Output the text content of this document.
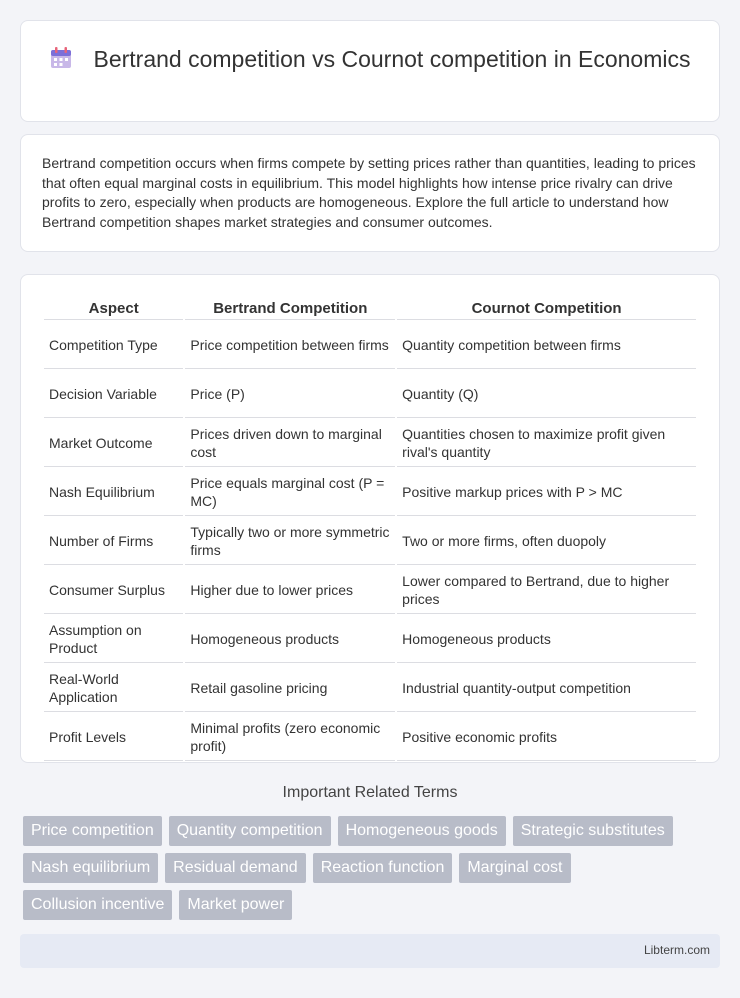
Bertrand competition vs Cournot competition in Economics

Bertrand competition occurs when firms compete by setting prices rather than quantities, leading to prices that often equal marginal costs in equilibrium. This model highlights how intense price rivalry can drive profits to zero, especially when products are homogeneous. Explore the full article to understand how Bertrand competition shapes market strategies and consumer outcomes.

Aspect	Bertrand Competition	Cournot Competition
Competition Type	Price competition between firms	Quantity competition between firms
Decision Variable	Price (P)	Quantity (Q)
Market Outcome	Prices driven down to marginal cost	Quantities chosen to maximize profit given rival's quantity
Nash Equilibrium	Price equals marginal cost (P = MC)	Positive markup prices with P > MC
Number of Firms	Typically two or more symmetric firms	Two or more firms, often duopoly
Consumer Surplus	Higher due to lower prices	Lower compared to Bertrand, due to higher prices
Assumption on Product	Homogeneous products	Homogeneous products
Real-World Application	Retail gasoline pricing	Industrial quantity-output competition
Profit Levels	Minimal profits (zero economic profit)	Positive economic profits
Important Related Terms
Price competition	Quantity competition	Homogeneous goods	Strategic substitutes
Nash equilibrium	Residual demand	Reaction function	Marginal cost
Collusion incentive	Market power
Libterm.com
